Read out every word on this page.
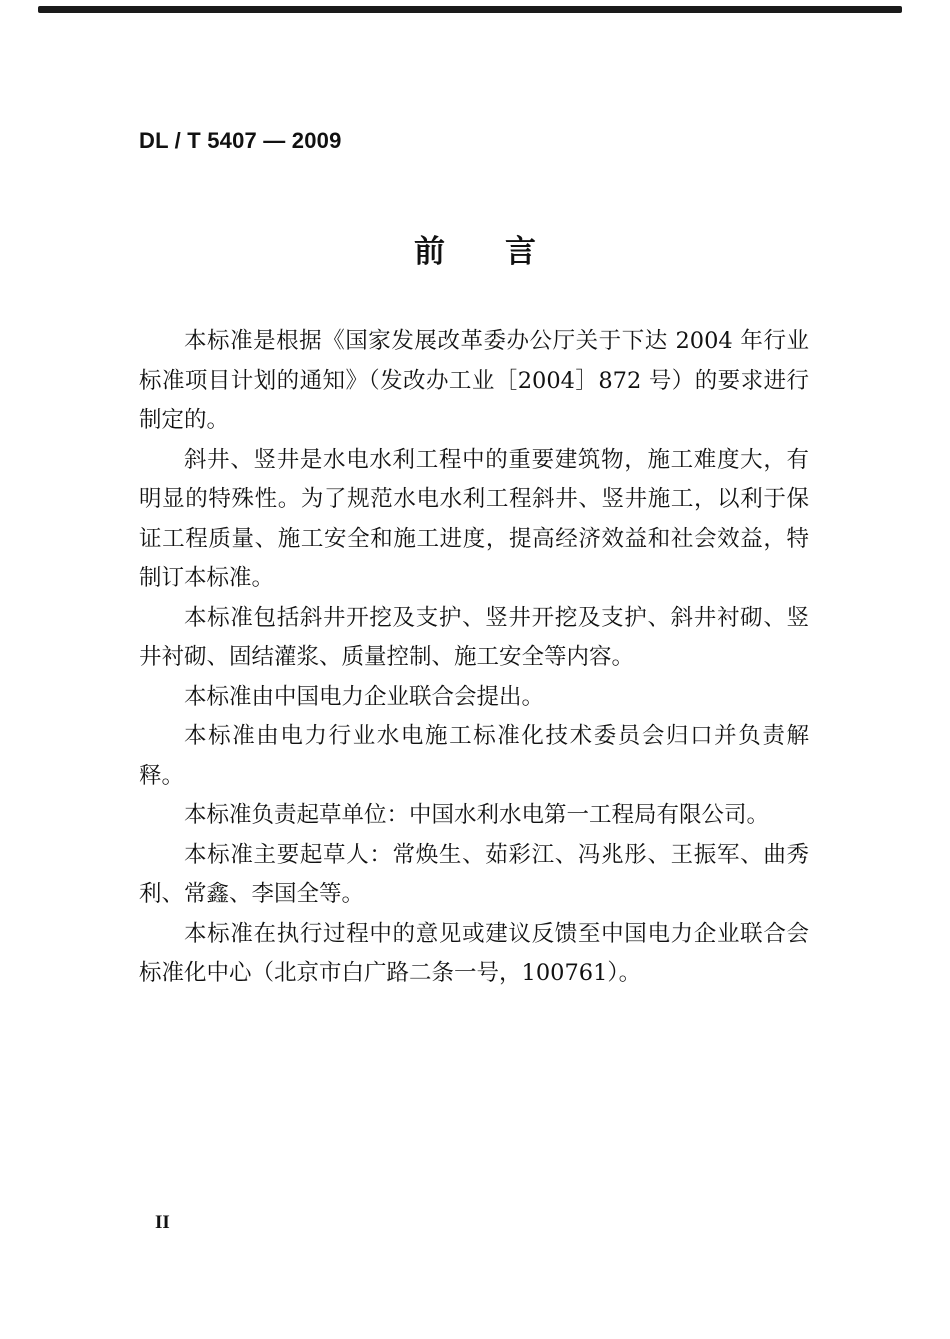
DL / T 5407 — 2009
前言

本标准是根据《国家发展改革委办公厅关于下达 2004 年行业标准项目计划的通知》（发改办工业［2004］872 号）的要求进行制定的。

斜井、竖井是水电水利工程中的重要建筑物，施工难度大，有明显的特殊性。为了规范水电水利工程斜井、竖井施工，以利于保证工程质量、施工安全和施工进度，提高经济效益和社会效益，特制订本标准。

本标准包括斜井开挖及支护、竖井开挖及支护、斜井衬砌、竖井衬砌、固结灌浆、质量控制、施工安全等内容。

本标准由中国电力企业联合会提出。

本标准由电力行业水电施工标准化技术委员会归口并负责解释。

本标准负责起草单位：中国水利水电第一工程局有限公司。

本标准主要起草人：常焕生、茹彩江、冯兆彤、王振军、曲秀利、常鑫、李国全等。

本标准在执行过程中的意见或建议反馈至中国电力企业联合会标准化中心（北京市白广路二条一号，100761）。

II
